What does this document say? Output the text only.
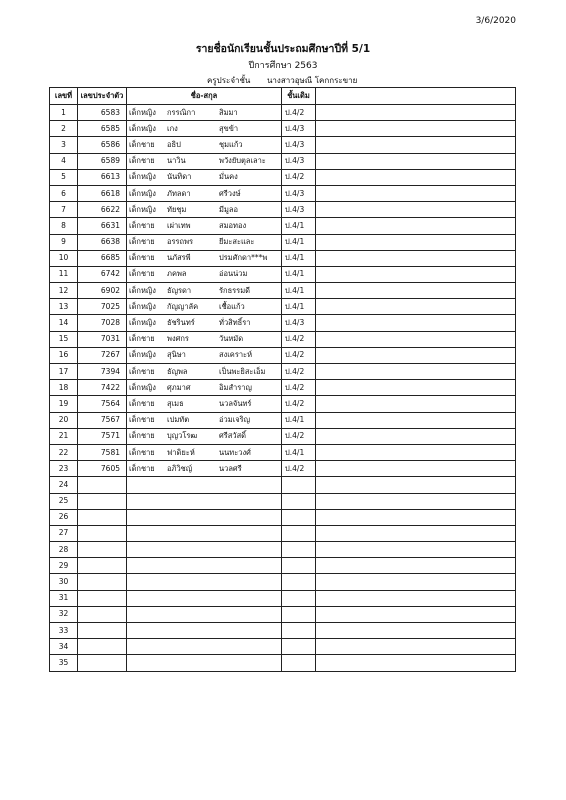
3/6/2020
รายชื่อนักเรียนชั้นประถมศึกษาปีที่ 5/1
ปีการศึกษา 2563
ครูประจำชั้น นางสาวอุษณี โคกกระขาย
เลขที่	เลขประจำตัว	ชื่อ-สกุล	ชั้นเดิม	
1	6583	เด็กหญิง กรรณิกา สิมมา	ป.4/2	
2	6585	เด็กหญิง เกง สุขข้า	ป.4/3	
3	6586	เด็กชาย อธิป ชุมแก้ว	ป.4/3	
4	6589	เด็กชาย นาวิน พวังยับตุลเลาะ	ป.4/3	
5	6613	เด็กหญิง นันทิดา มั่นคง	ป.4/2	
6	6618	เด็กหญิง ภัทลดา ศรีวงษ์	ป.4/3	
7	6622	เด็กหญิง ทัยชุม มีมูลอ	ป.4/3	
8	6631	เด็กชาย เผ่าเทพ สมอทอง	ป.4/1	
9	6638	เด็กชาย อรรถพร ยีมะสะและ	ป.4/1	
10	6685	เด็กชาย นภัสรพี ปรมศักดา***พ	ป.4/1	
11	6742	เด็กชาย ภคพล อ่อนน่วม	ป.4/1	
12	6902	เด็กหญิง ธัญรดา รักธรรมดี	ป.4/1	
13	7025	เด็กหญิง กัญญาลัค เชื้อแก้ว	ป.4/1	
14	7028	เด็กหญิง ธัชรินทร์ ทั่วสิทธิ์รา	ป.4/3	
15	7031	เด็กชาย พงศกร วันหมัด	ป.4/2	
16	7267	เด็กหญิง สุนิษา สงเคราะห์	ป.4/2	
17	7394	เด็กชาย ธัญพล เป็นพะยิสะเอ็ม	ป.4/2	
18	7422	เด็กหญิง ศุภมาศ อิมสำราญ	ป.4/2	
19	7564	เด็กชาย สุเมธ นวลจันทร์	ป.4/2	
20	7567	เด็กชาย เปมทัต อ่วมเจริญ	ป.4/1	
21	7571	เด็กชาย บุญวโรฒ ศรีสวัสดิ์	ป.4/2	
22	7581	เด็กชาย ฟาดิยะห์ นนทะวงศ์	ป.4/1	
23	7605	เด็กชาย อภิวิชญ์ นวลศรี	ป.4/2	
24				
25				
26				
27				
28				
29				
30				
31				
32				
33				
34				
35				
